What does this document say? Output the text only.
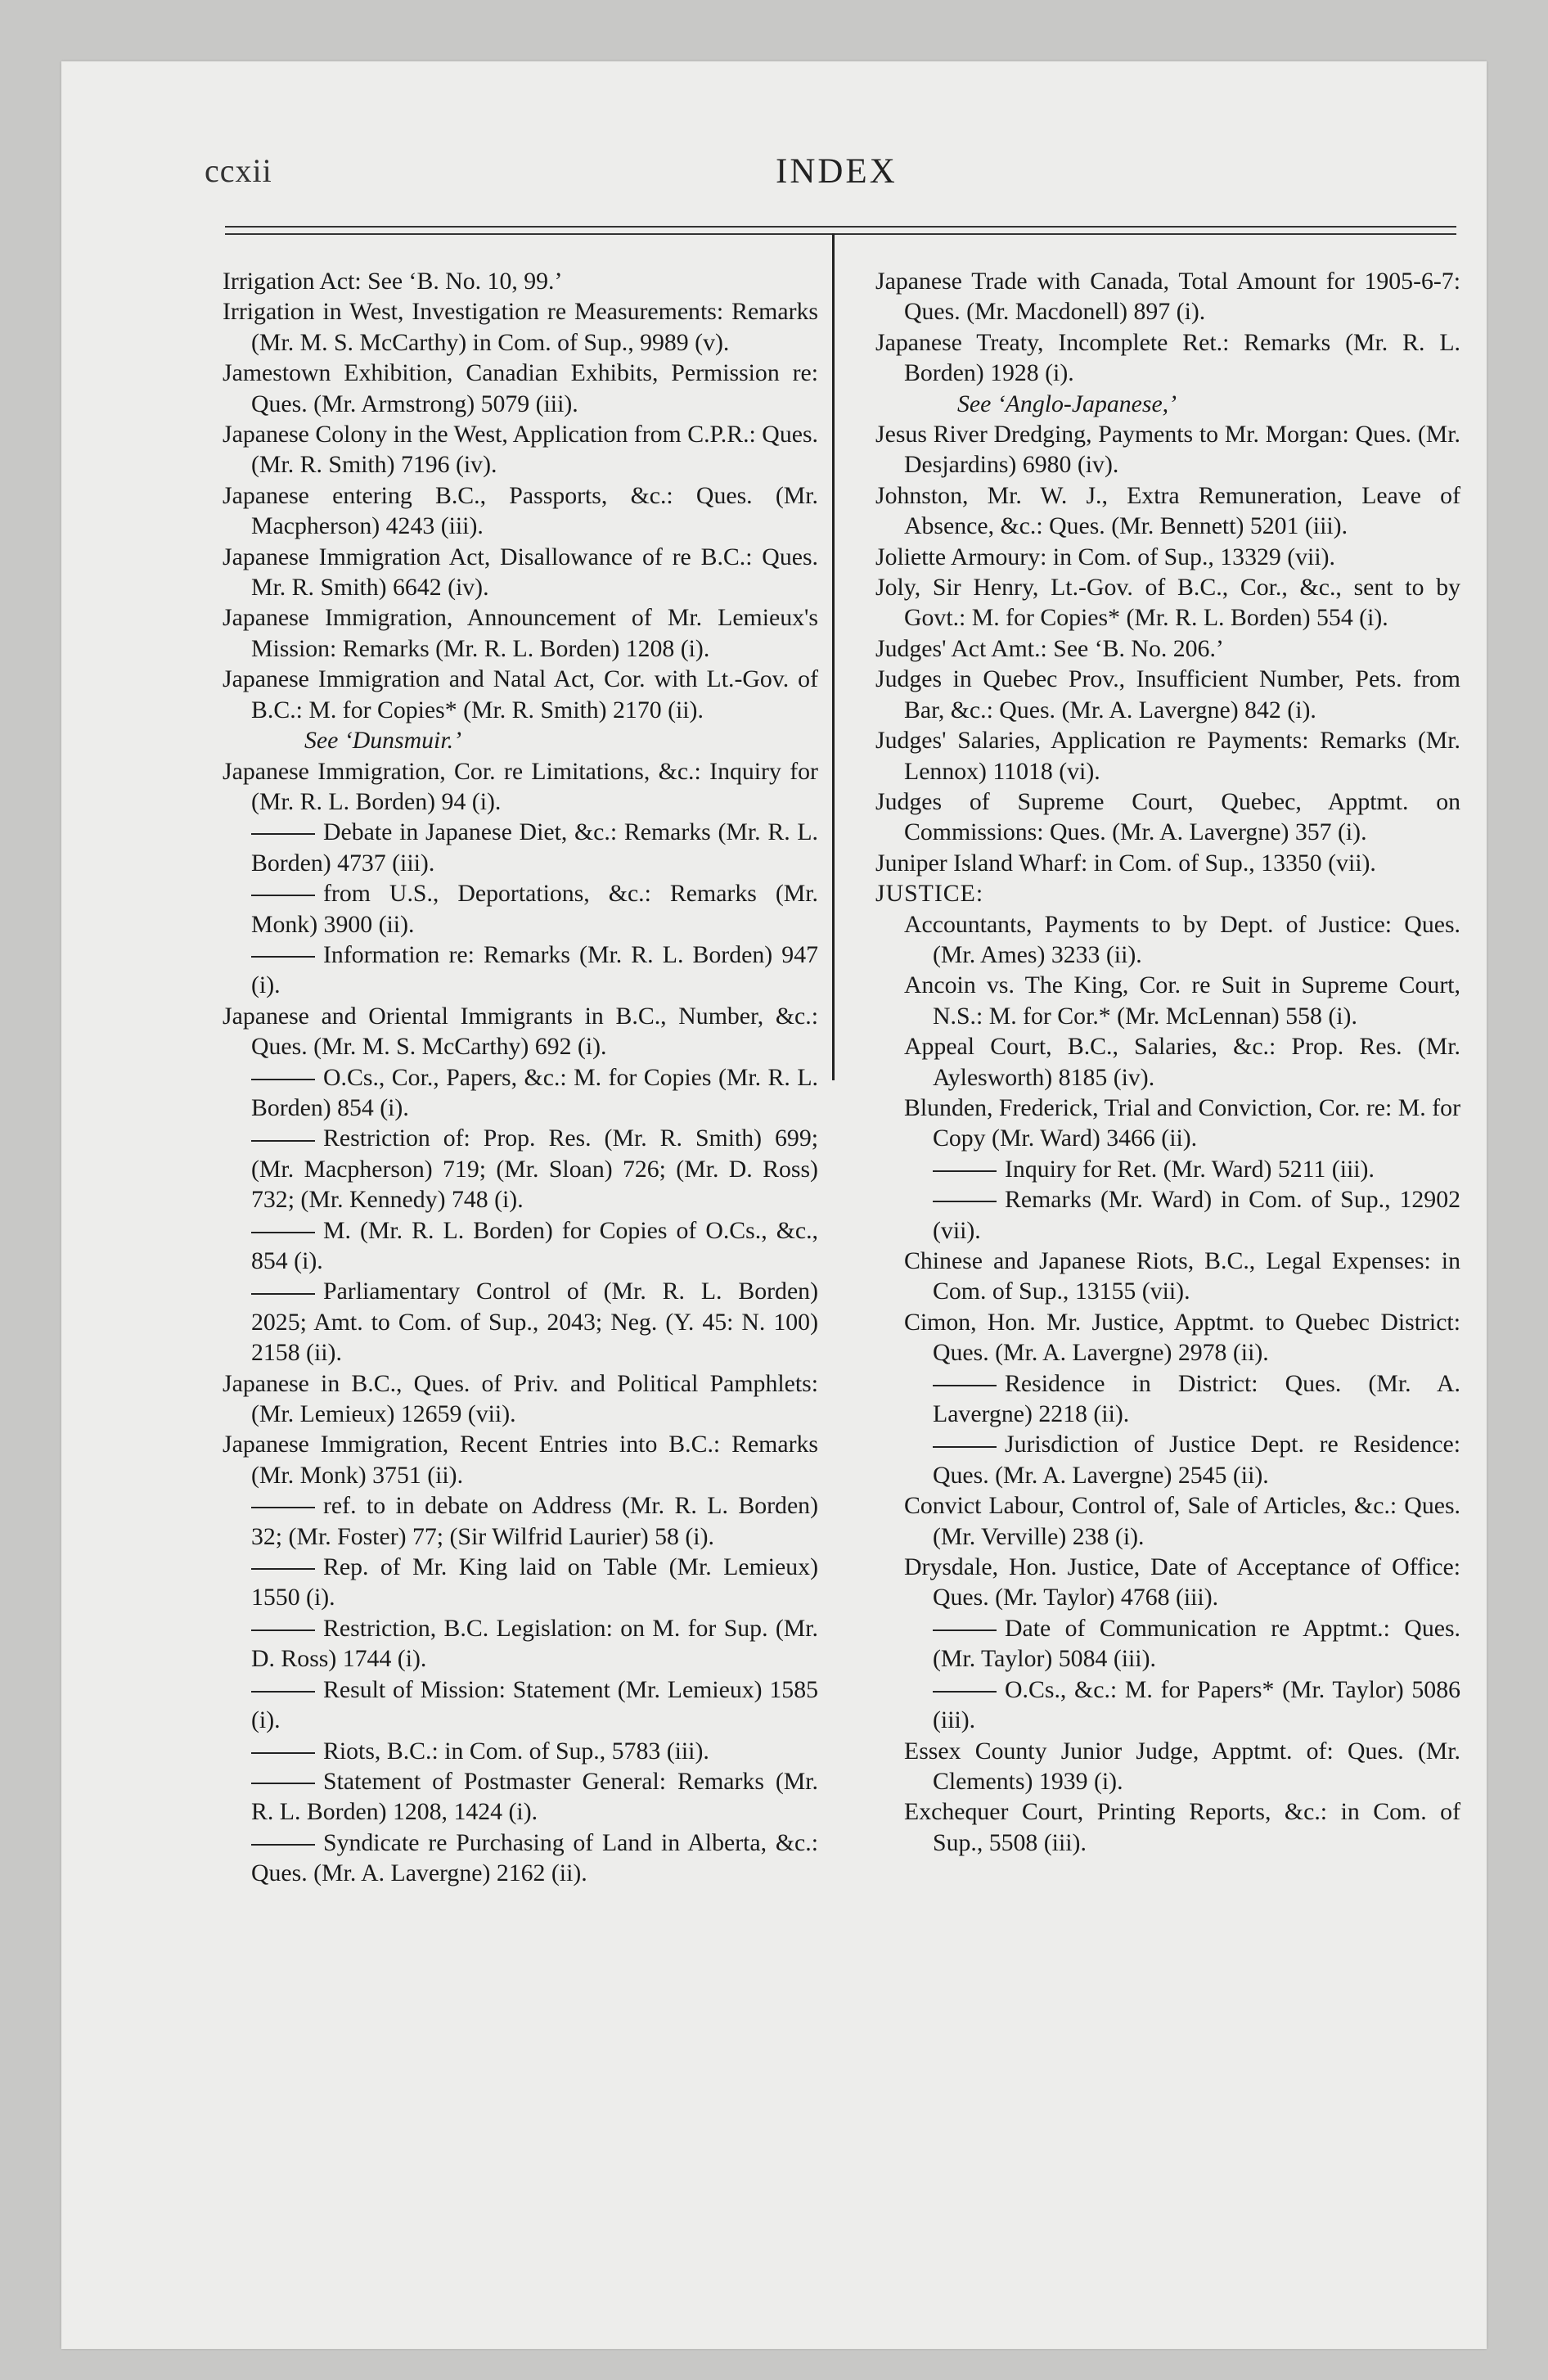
ccxii	INDEX

Irrigation Act: See ‘B. No. 10, 99.’

Irrigation in West, Investigation re Measurements: Remarks (Mr. M. S. McCarthy) in Com. of Sup., 9989 (v).

Jamestown Exhibition, Canadian Exhibits, Permission re: Ques. (Mr. Armstrong) 5079 (iii).

Japanese Colony in the West, Application from C.P.R.: Ques. (Mr. R. Smith) 7196 (iv).

Japanese entering B.C., Passports, &c.: Ques. (Mr. Macpherson) 4243 (iii).

Japanese Immigration Act, Disallowance of re B.C.: Ques. Mr. R. Smith) 6642 (iv).

Japanese Immigration, Announcement of Mr. Lemieux's Mission: Remarks (Mr. R. L. Borden) 1208 (i).

Japanese Immigration and Natal Act, Cor. with Lt.-Gov. of B.C.: M. for Copies* (Mr. R. Smith) 2170 (ii).

See ‘Dunsmuir.’

Japanese Immigration, Cor. re Limitations, &c.: Inquiry for (Mr. R. L. Borden) 94 (i).

Debate in Japanese Diet, &c.: Remarks (Mr. R. L. Borden) 4737 (iii).

from U.S., Deportations, &c.: Remarks (Mr. Monk) 3900 (ii).

Information re: Remarks (Mr. R. L. Borden) 947 (i).

Japanese and Oriental Immigrants in B.C., Number, &c.: Ques. (Mr. M. S. McCarthy) 692 (i).

O.Cs., Cor., Papers, &c.: M. for Copies (Mr. R. L. Borden) 854 (i).

Restriction of: Prop. Res. (Mr. R. Smith) 699; (Mr. Macpherson) 719; (Mr. Sloan) 726; (Mr. D. Ross) 732; (Mr. Kennedy) 748 (i).

M. (Mr. R. L. Borden) for Copies of O.Cs., &c., 854 (i).

Parliamentary Control of (Mr. R. L. Borden) 2025; Amt. to Com. of Sup., 2043; Neg. (Y. 45: N. 100) 2158 (ii).

Japanese in B.C., Ques. of Priv. and Political Pamphlets: (Mr. Lemieux) 12659 (vii).

Japanese Immigration, Recent Entries into B.C.: Remarks (Mr. Monk) 3751 (ii).

ref. to in debate on Address (Mr. R. L. Borden) 32; (Mr. Foster) 77; (Sir Wilfrid Laurier) 58 (i).

Rep. of Mr. King laid on Table (Mr. Lemieux) 1550 (i).

Restriction, B.C. Legislation: on M. for Sup. (Mr. D. Ross) 1744 (i).

Result of Mission: Statement (Mr. Lemieux) 1585 (i).

Riots, B.C.: in Com. of Sup., 5783 (iii).

Statement of Postmaster General: Remarks (Mr. R. L. Borden) 1208, 1424 (i).

Syndicate re Purchasing of Land in Alberta, &c.: Ques. (Mr. A. Lavergne) 2162 (ii).

Japanese Trade with Canada, Total Amount for 1905-6-7: Ques. (Mr. Macdonell) 897 (i).

Japanese Treaty, Incomplete Ret.: Remarks (Mr. R. L. Borden) 1928 (i).

See ‘Anglo-Japanese,’

Jesus River Dredging, Payments to Mr. Morgan: Ques. (Mr. Desjardins) 6980 (iv).

Johnston, Mr. W. J., Extra Remuneration, Leave of Absence, &c.: Ques. (Mr. Bennett) 5201 (iii).

Joliette Armoury: in Com. of Sup., 13329 (vii).

Joly, Sir Henry, Lt.-Gov. of B.C., Cor., &c., sent to by Govt.: M. for Copies* (Mr. R. L. Borden) 554 (i).

Judges' Act Amt.: See ‘B. No. 206.’

Judges in Quebec Prov., Insufficient Number, Pets. from Bar, &c.: Ques. (Mr. A. Lavergne) 842 (i).

Judges' Salaries, Application re Payments: Remarks (Mr. Lennox) 11018 (vi).

Judges of Supreme Court, Quebec, Apptmt. on Commissions: Ques. (Mr. A. Lavergne) 357 (i).

Juniper Island Wharf: in Com. of Sup., 13350 (vii).

JUSTICE:

Accountants, Payments to by Dept. of Justice: Ques. (Mr. Ames) 3233 (ii).

Ancoin vs. The King, Cor. re Suit in Supreme Court, N.S.: M. for Cor.* (Mr. McLennan) 558 (i).

Appeal Court, B.C., Salaries, &c.: Prop. Res. (Mr. Aylesworth) 8185 (iv).

Blunden, Frederick, Trial and Conviction, Cor. re: M. for Copy (Mr. Ward) 3466 (ii).

Inquiry for Ret. (Mr. Ward) 5211 (iii).

Remarks (Mr. Ward) in Com. of Sup., 12902 (vii).

Chinese and Japanese Riots, B.C., Legal Expenses: in Com. of Sup., 13155 (vii).

Cimon, Hon. Mr. Justice, Apptmt. to Quebec District: Ques. (Mr. A. Lavergne) 2978 (ii).

Residence in District: Ques. (Mr. A. Lavergne) 2218 (ii).

Jurisdiction of Justice Dept. re Residence: Ques. (Mr. A. Lavergne) 2545 (ii).

Convict Labour, Control of, Sale of Articles, &c.: Ques. (Mr. Verville) 238 (i).

Drysdale, Hon. Justice, Date of Acceptance of Office: Ques. (Mr. Taylor) 4768 (iii).

Date of Communication re Apptmt.: Ques. (Mr. Taylor) 5084 (iii).

O.Cs., &c.: M. for Papers* (Mr. Taylor) 5086 (iii).

Essex County Junior Judge, Apptmt. of: Ques. (Mr. Clements) 1939 (i).

Exchequer Court, Printing Reports, &c.: in Com. of Sup., 5508 (iii).
